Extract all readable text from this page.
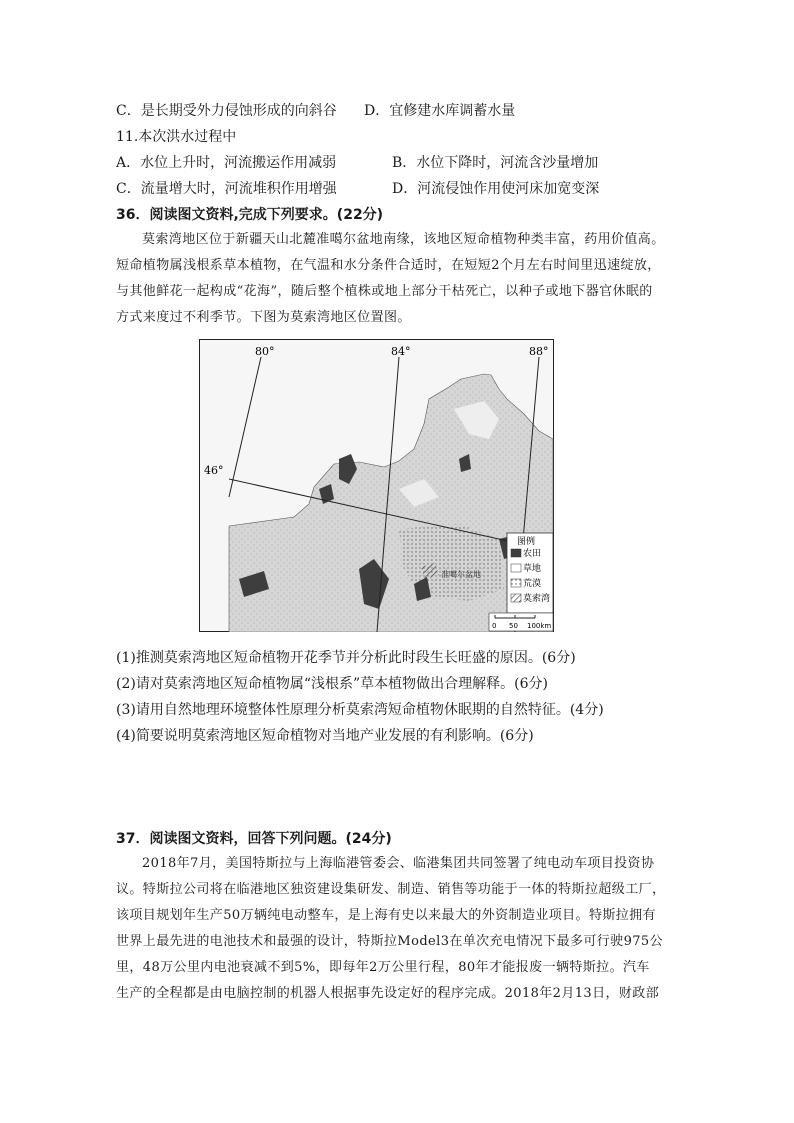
C．是长期受外力侵蚀形成的向斜谷 D．宜修建水库调蓄水量
11.本次洪水过程中
A．水位上升时，河流搬运作用减弱	B．水位下降时，河流含沙量增加
C．流量增大时，河流堆积作用增强	D．河流侵蚀作用使河床加宽变深
36．阅读图文资料,完成下列要求。(22分)

莫索湾地区位于新疆天山北麓准噶尔盆地南缘，该地区短命植物种类丰富，药用价值高。

短命植物属浅根系草本植物，在气温和水分条件合适时，在短短2个月左右时间里迅速绽放，

与其他鲜花一起构成“花海”，随后整个植株或地上部分干枯死亡，以种子或地下器官休眠的

方式来度过不利季节。下图为莫索湾地区位置图。

80°	84°	88°
46°
准噶尔盆地
图例
农田
草地
荒漠
莫索湾
0 50 100km
(1)推测莫索湾地区短命植物开花季节并分析此时段生长旺盛的原因。(6分)
(2)请对莫索湾地区短命植物属“浅根系”草本植物做出合理解释。(6分)
(3)请用自然地理环境整体性原理分析莫索湾短命植物休眠期的自然特征。(4分)
(4)简要说明莫索湾地区短命植物对当地产业发展的有利影响。(6分)
37．阅读图文资料，回答下列问题。(24分)

2018年7月，美国特斯拉与上海临港管委会、临港集团共同签署了纯电动车项目投资协

议。特斯拉公司将在临港地区独资建设集研发、制造、销售等功能于一体的特斯拉超级工厂，

该项目规划年生产50万辆纯电动整车，是上海有史以来最大的外资制造业项目。特斯拉拥有

世界上最先进的电池技术和最强的设计，特斯拉Model3在单次充电情况下最多可行驶975公

里，48万公里内电池衰减不到5%，即每年2万公里行程，80年才能报废一辆特斯拉。汽车

生产的全程都是由电脑控制的机器人根据事先设定好的程序完成。2018年2月13日，财政部
